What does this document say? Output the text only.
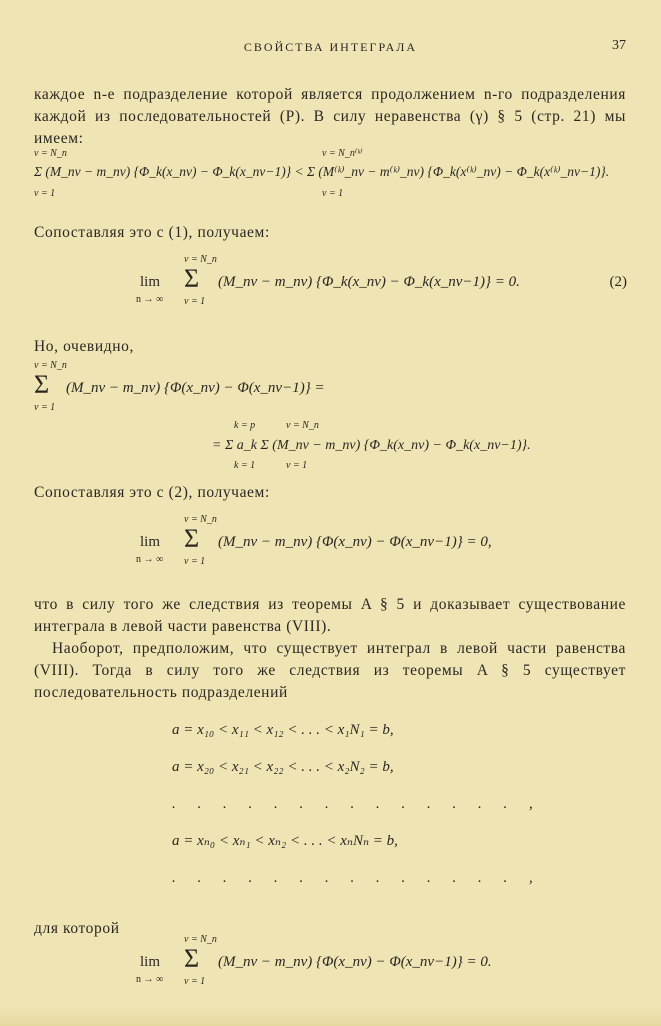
СВОЙСТВА ИНТЕГРАЛА	37
каждое n-е подразделение которой является продолжением n-го подразделения каждой из последовательностей (P). В силу неравенства (γ) § 5 (стр. 21) мы имеем:
ν = N_n
ν = 1
ν = N_n⁽ᵏ⁾
ν = 1
Σ (M_nν − m_nν) {Φ_k(x_nν) − Φ_k(x_nν−1)} < Σ (M⁽ᵏ⁾_nν − m⁽ᵏ⁾_nν) {Φ_k(x⁽ᵏ⁾_nν) − Φ_k(x⁽ᵏ⁾_nν−1)}.
Сопоставляя это с (1), получаем:
lim
n → ∞
ν = N_n
Σ
ν = 1
(M_nν − m_nν) {Φ_k(x_nν) − Φ_k(x_nν−1)} = 0.	(2)
Но, очевидно,
ν = N_n
Σ
ν = 1
(M_nν − m_nν) {Φ(x_nν) − Φ(x_nν−1)} =
k = p
k = 1
ν = N_n
ν = 1
= Σ a_k Σ (M_nν − m_nν) {Φ_k(x_nν) − Φ_k(x_nν−1)}.
Сопоставляя это с (2), получаем:
lim
n → ∞
ν = N_n
Σ
ν = 1
(M_nν − m_nν) {Φ(x_nν) − Φ(x_nν−1)} = 0,
что в силу того же следствия из теоремы A § 5 и доказывает существование интеграла в левой части равенства (VIII).
Наоборот, предположим, что существует интеграл в левой части равенства (VIII). Тогда в силу того же следствия из теоремы A § 5 существует последовательность подразделений
a = x₁₀ < x₁₁ < x₁₂ < . . . < x₁N₁ = b,
a = x₂₀ < x₂₁ < x₂₂ < . . . < x₂N₂ = b,
. . . . . . . . . . . . . . ,
a = xₙ₀ < xₙ₁ < xₙ₂ < . . . < xₙNₙ = b,
. . . . . . . . . . . . . . ,
для которой
lim
n → ∞
ν = N_n
Σ
ν = 1
(M_nν − m_nν) {Φ(x_nν) − Φ(x_nν−1)} = 0.
